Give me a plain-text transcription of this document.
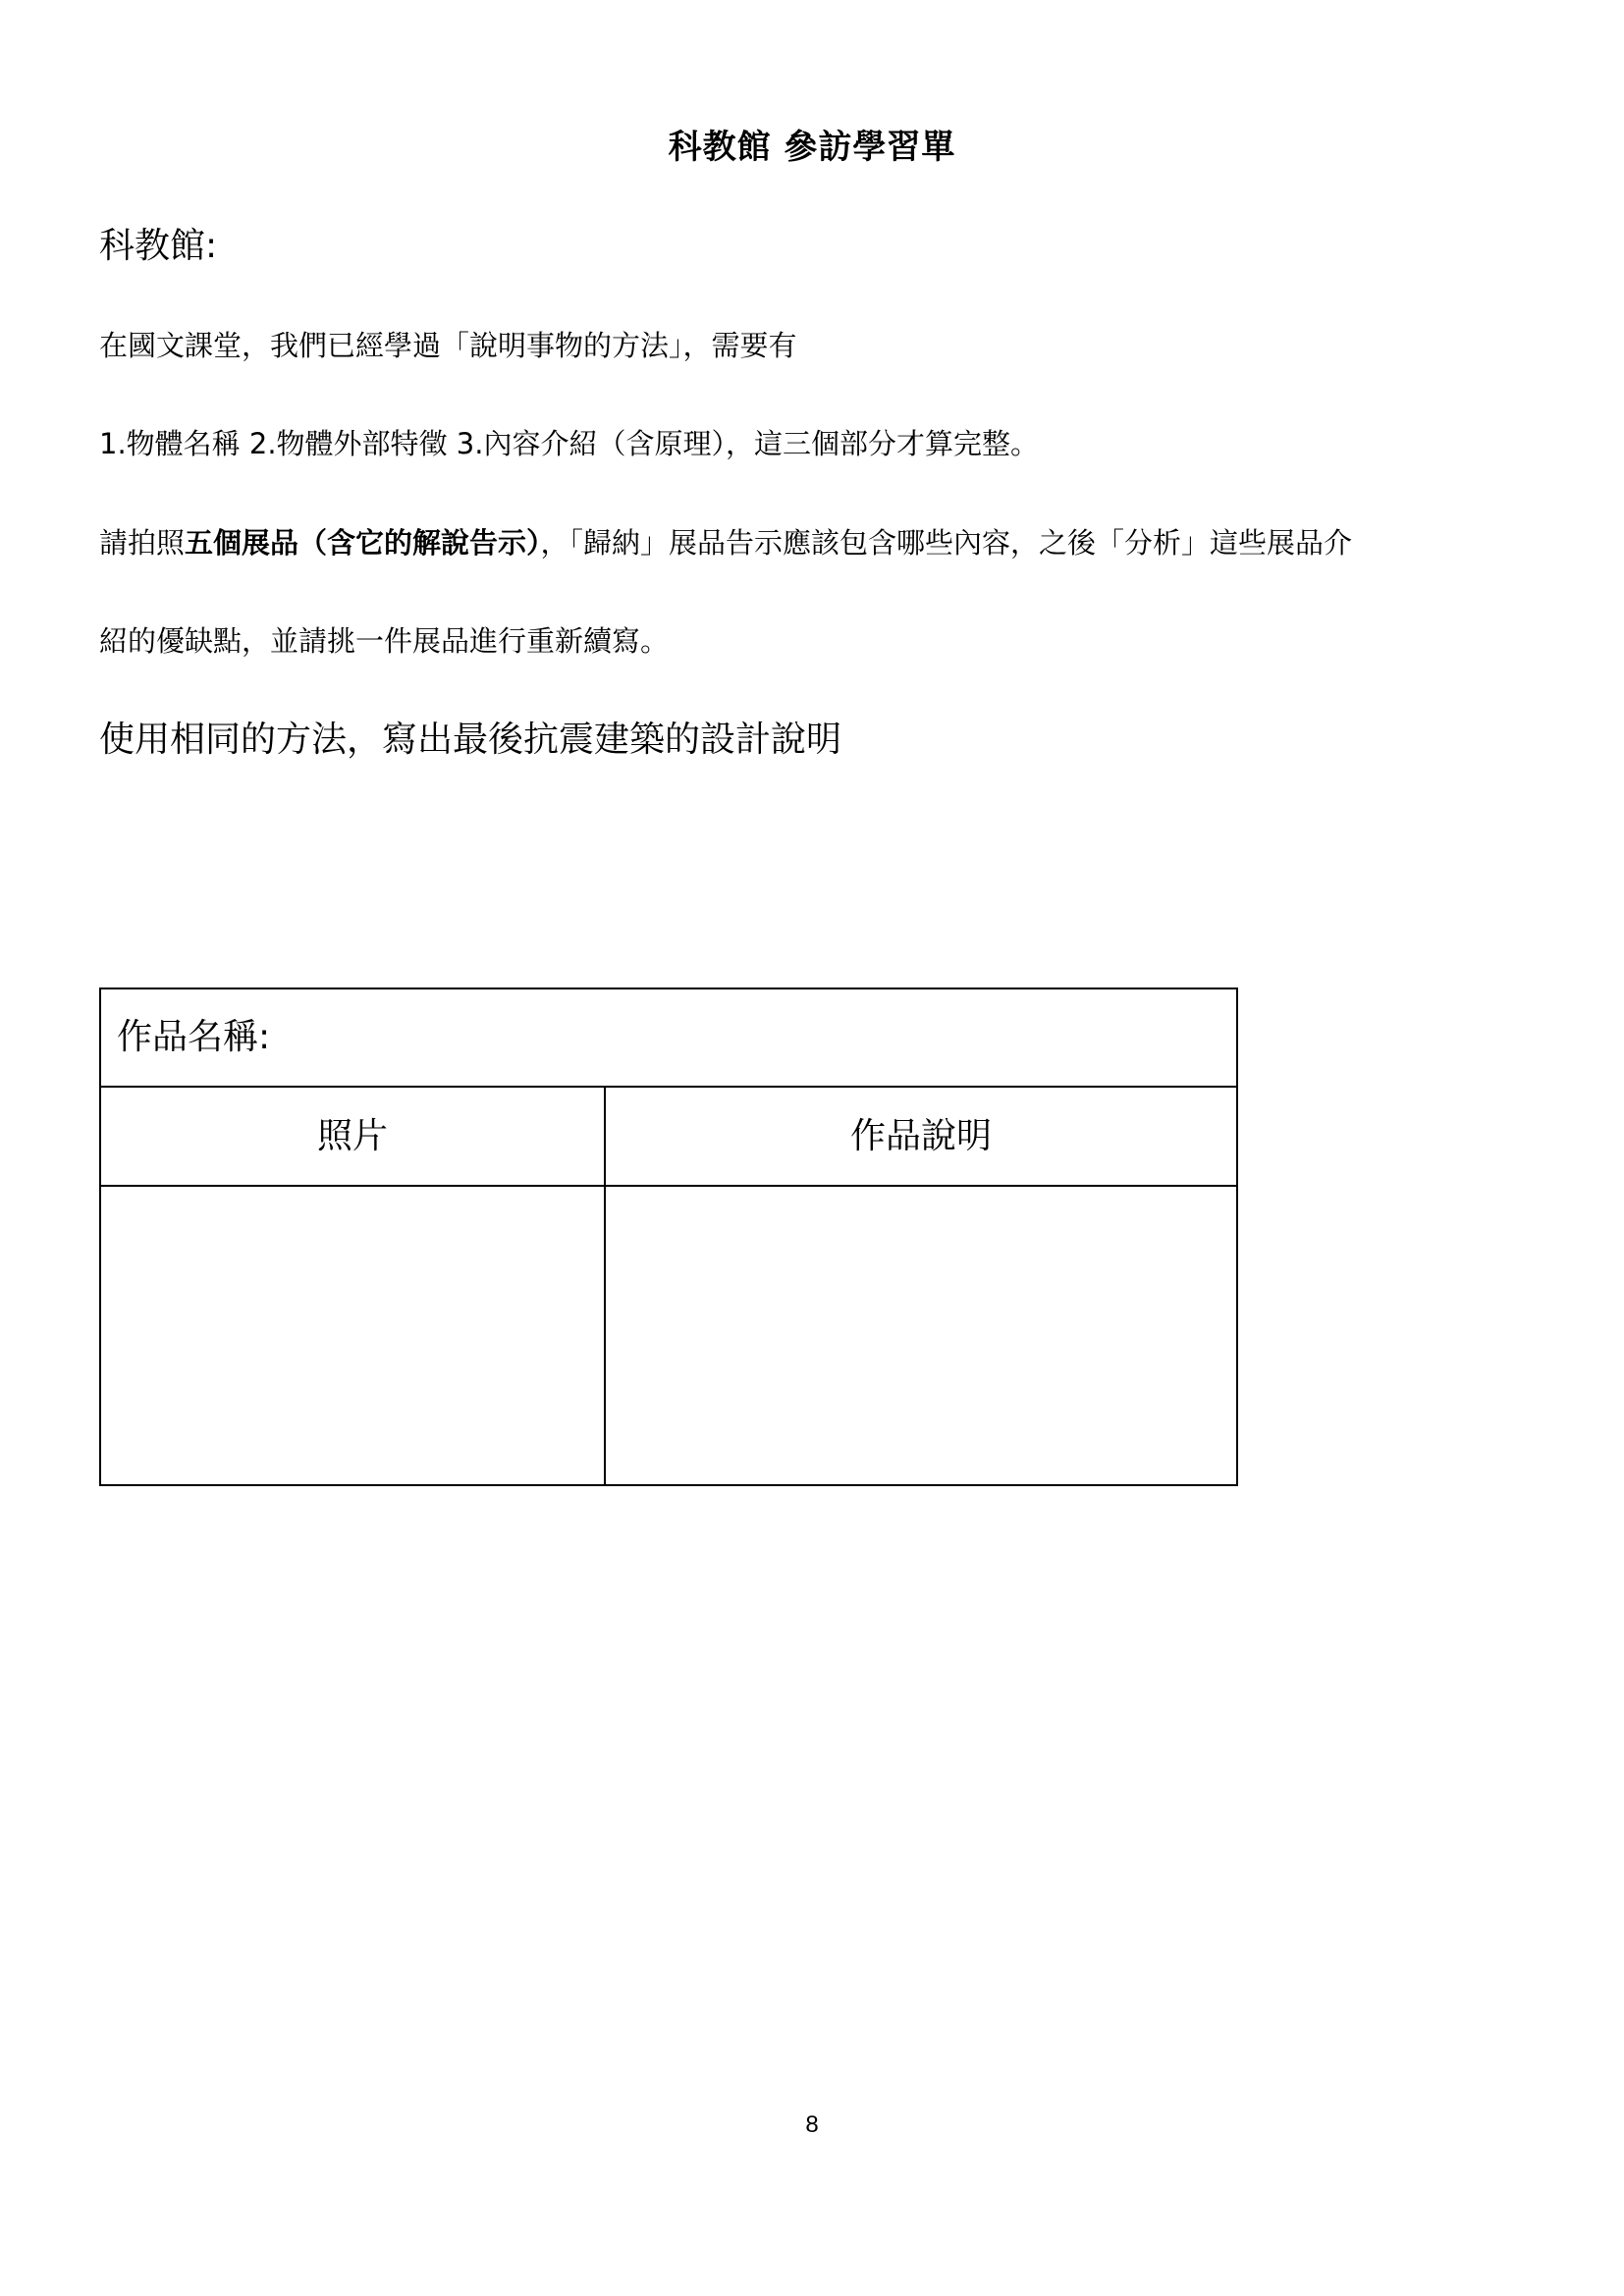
科教館 參訪學習單
科教館:
在國文課堂，我們已經學過「說明事物的方法」，需要有
1.物體名稱 2.物體外部特徵 3.內容介紹（含原理），這三個部分才算完整。
請拍照五個展品（含它的解說告示），「歸納」展品告示應該包含哪些內容，之後「分析」這些展品介
紹的優缺點，並請挑一件展品進行重新續寫。
使用相同的方法，寫出最後抗震建築的設計說明
作品名稱:	
照片	作品說明

8
